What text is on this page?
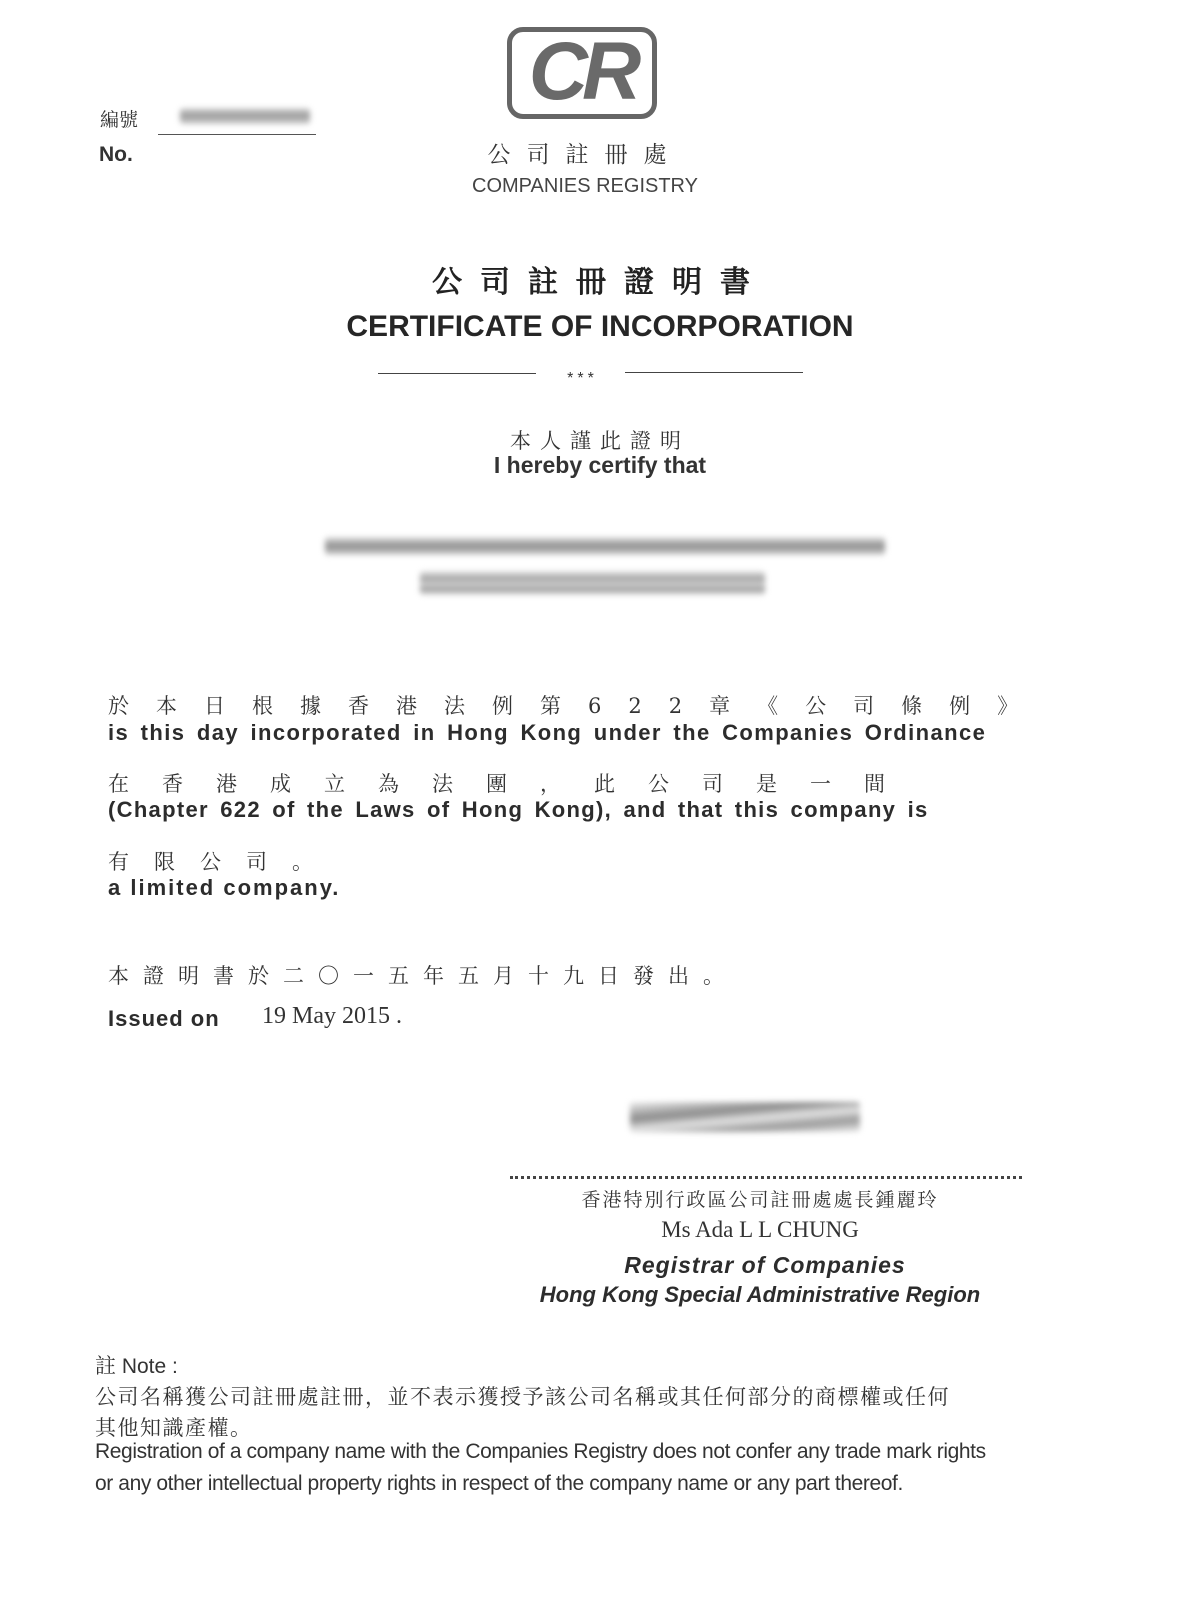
編號
No.
CR
公司註冊處
COMPANIES REGISTRY
公司註冊證明書
CERTIFICATE OF INCORPORATION
***
本人謹此證明
I hereby certify that
於本日根據香港法例第622章《公司條例》
is this day incorporated in Hong Kong under the Companies Ordinance
在香港成立為法團，此公司是一間
(Chapter 622 of the Laws of Hong Kong), and that this company is
有限公司。
a limited company.
本證明書於二〇一五年五月十九日發出。
Issued on 19 May 2015 .
香港特別行政區公司註冊處處長鍾麗玲
Ms Ada L L CHUNG
Registrar of Companies
Hong Kong Special Administrative Region
註 Note :
公司名稱獲公司註冊處註冊，並不表示獲授予該公司名稱或其任何部分的商標權或任何
其他知識產權。
Registration of a company name with the Companies Registry does not confer any trade mark rights
or any other intellectual property rights in respect of the company name or any part thereof.
